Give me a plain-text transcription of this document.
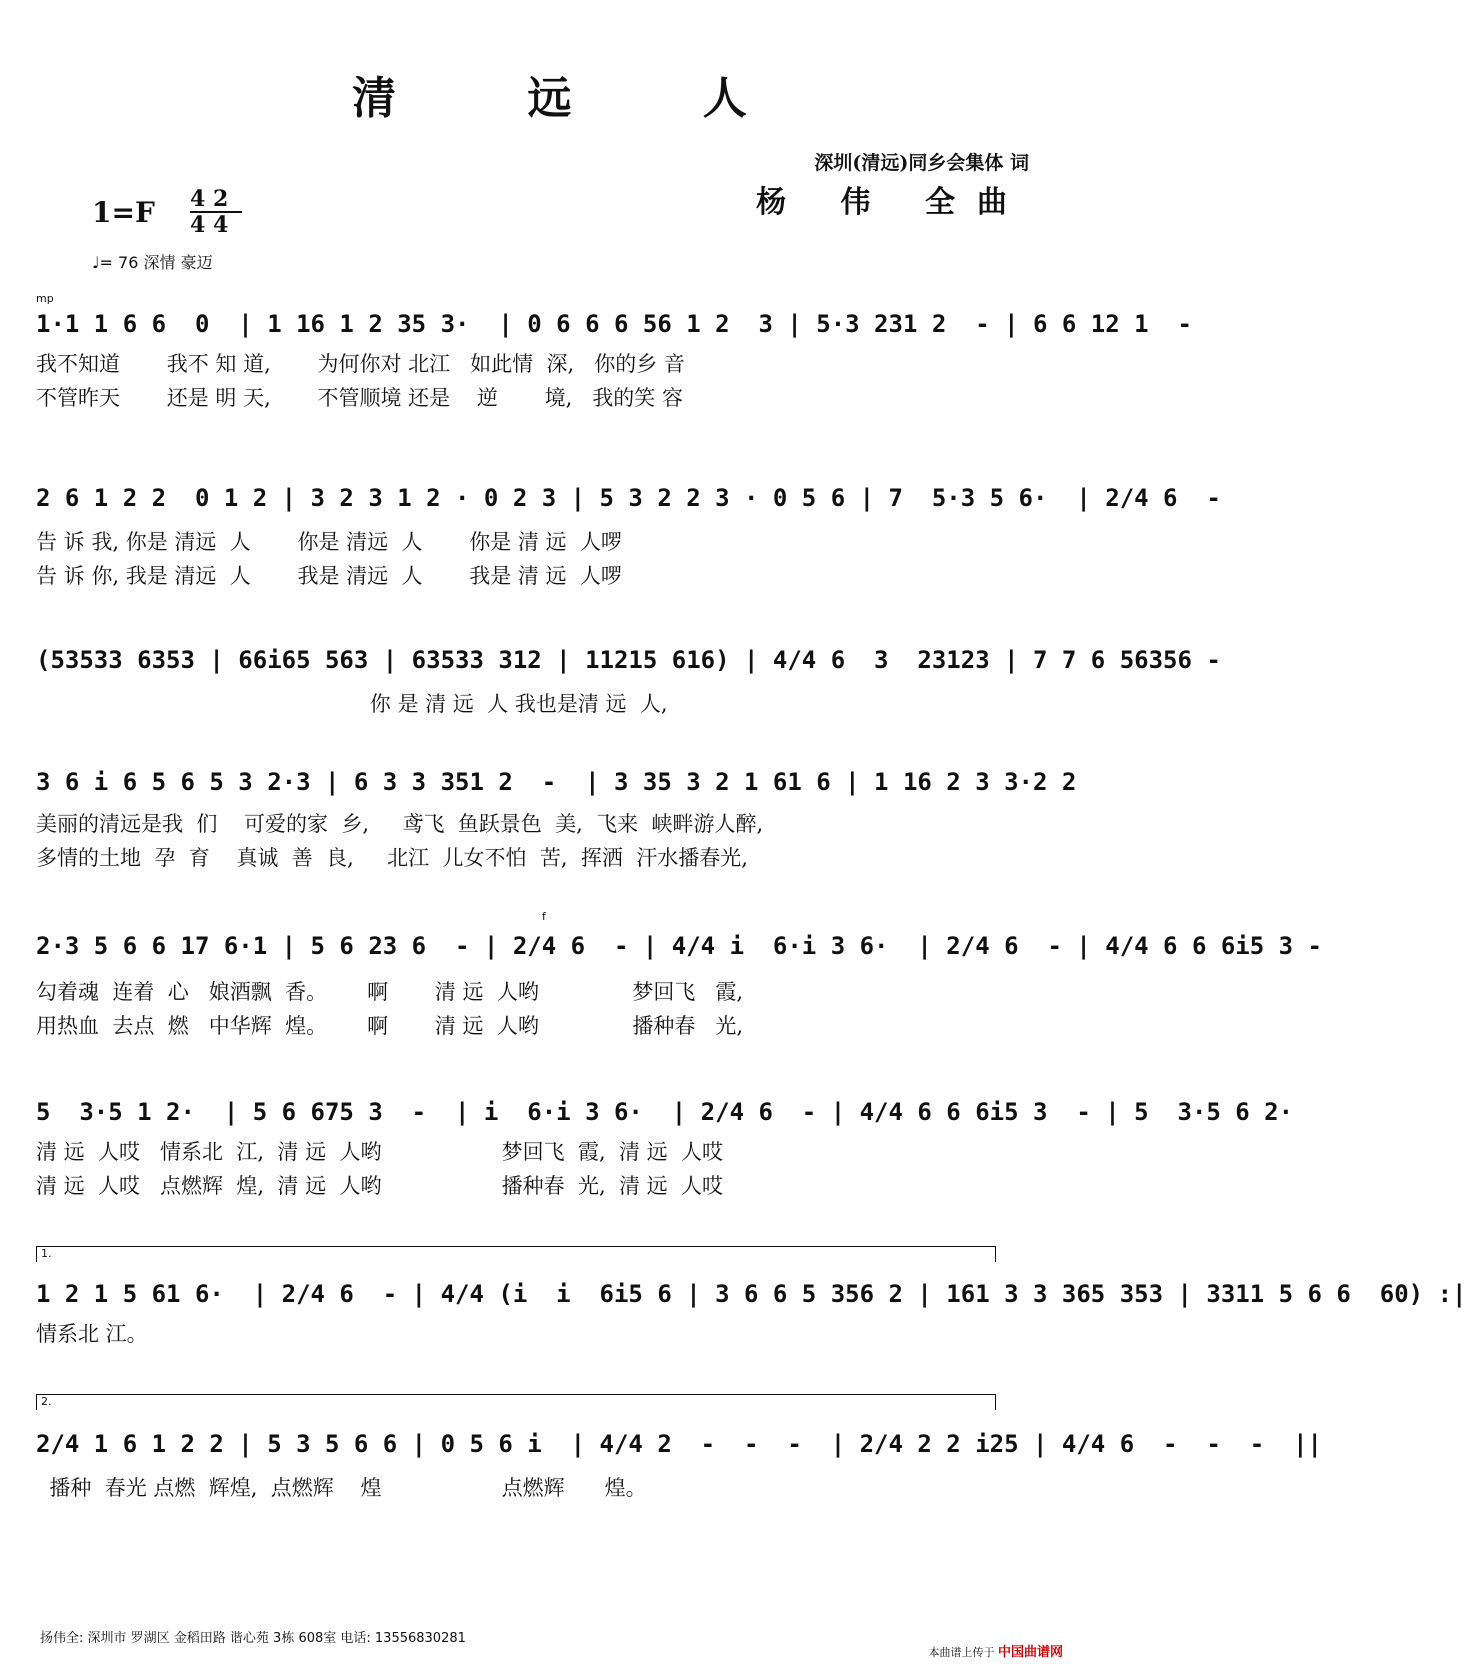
清 远 人
深圳(清远)同乡会集体 词
杨 伟 全曲
1=F 4 2
4 4
♩= 76 深情 豪迈
mp
1·1 1 6 6  0  | 1 16 1 2 35 3·  | 0 6 6 6 56 1 2  3 | 5·3 231 2  - | 6 6 12 1  -
我不知道       我不 知 道,       为何你对 北江   如此情  深,   你的乡 音
不管昨天       还是 明 天,       不管顺境 还是    逆       境,   我的笑 容
2 6 1 2 2  0 1 2 | 3 2 3 1 2 · 0 2 3 | 5 3 2 2 3 · 0 5 6 | 7  5·3 5 6·  | 2/4 6  -
告 诉 我, 你是 清远  人       你是 清远  人       你是 清 远  人啰
告 诉 你, 我是 清远  人       我是 清远  人       我是 清 远  人啰
(53533 6353 | 66i65 563 | 63533 312 | 11215 616) | 4/4 6  3  23123 | 7 7 6 56356 -
你 是 清 远  人 我也是清 远  人,
3 6 i 6 5 6 5 3 2·3 | 6 3 3 351 2  -  | 3 35 3 2 1 61 6 | 1 16 2 3 3·2 2
美丽的清远是我  们    可爱的家  乡,     鸢飞  鱼跃景色  美,  飞来  峡畔游人醉,
多情的土地  孕  育    真诚  善  良,     北江  儿女不怕  苦,  挥洒  汗水播春光,
f
2·3 5 6 6 17 6·1 | 5 6 23 6  - | 2/4 6  - | 4/4 i  6·i 3 6·  | 2/4 6  - | 4/4 6 6 6i5 3 -
勾着魂  连着  心   娘酒飘  香。      啊       清 远  人哟              梦回飞   霞,
用热血  去点  燃   中华辉  煌。      啊       清 远  人哟              播种春   光,
5  3·5 1 2·  | 5 6 675 3  -  | i  6·i 3 6·  | 2/4 6  - | 4/4 6 6 6i5 3  - | 5  3·5 6 2·
清 远  人哎   情系北  江,  清 远  人哟                  梦回飞  霞,  清 远  人哎
清 远  人哎   点燃辉  煌,  清 远  人哟                  播种春  光,  清 远  人哎
1.
1 2 1 5 61 6·  | 2/4 6  - | 4/4 (i  i  6i5 6 | 3 6 6 5 356 2 | 161 3 3 365 353 | 3311 5 6 6  60) :|
情系北 江。
2.
2/4 1 6 1 2 2 | 5 3 5 6 6 | 0 5 6 i  | 4/4 2  -  -  -  | 2/4 2 2 i25 | 4/4 6  -  -  -  ||
播种  春光 点燃  辉煌,  点燃辉    煌                  点燃辉      煌。
扬伟全: 深圳市 罗湖区 金稻田路 谐心苑 3栋 608室 电话: 13556830281
本曲谱上传于 中国曲谱网
